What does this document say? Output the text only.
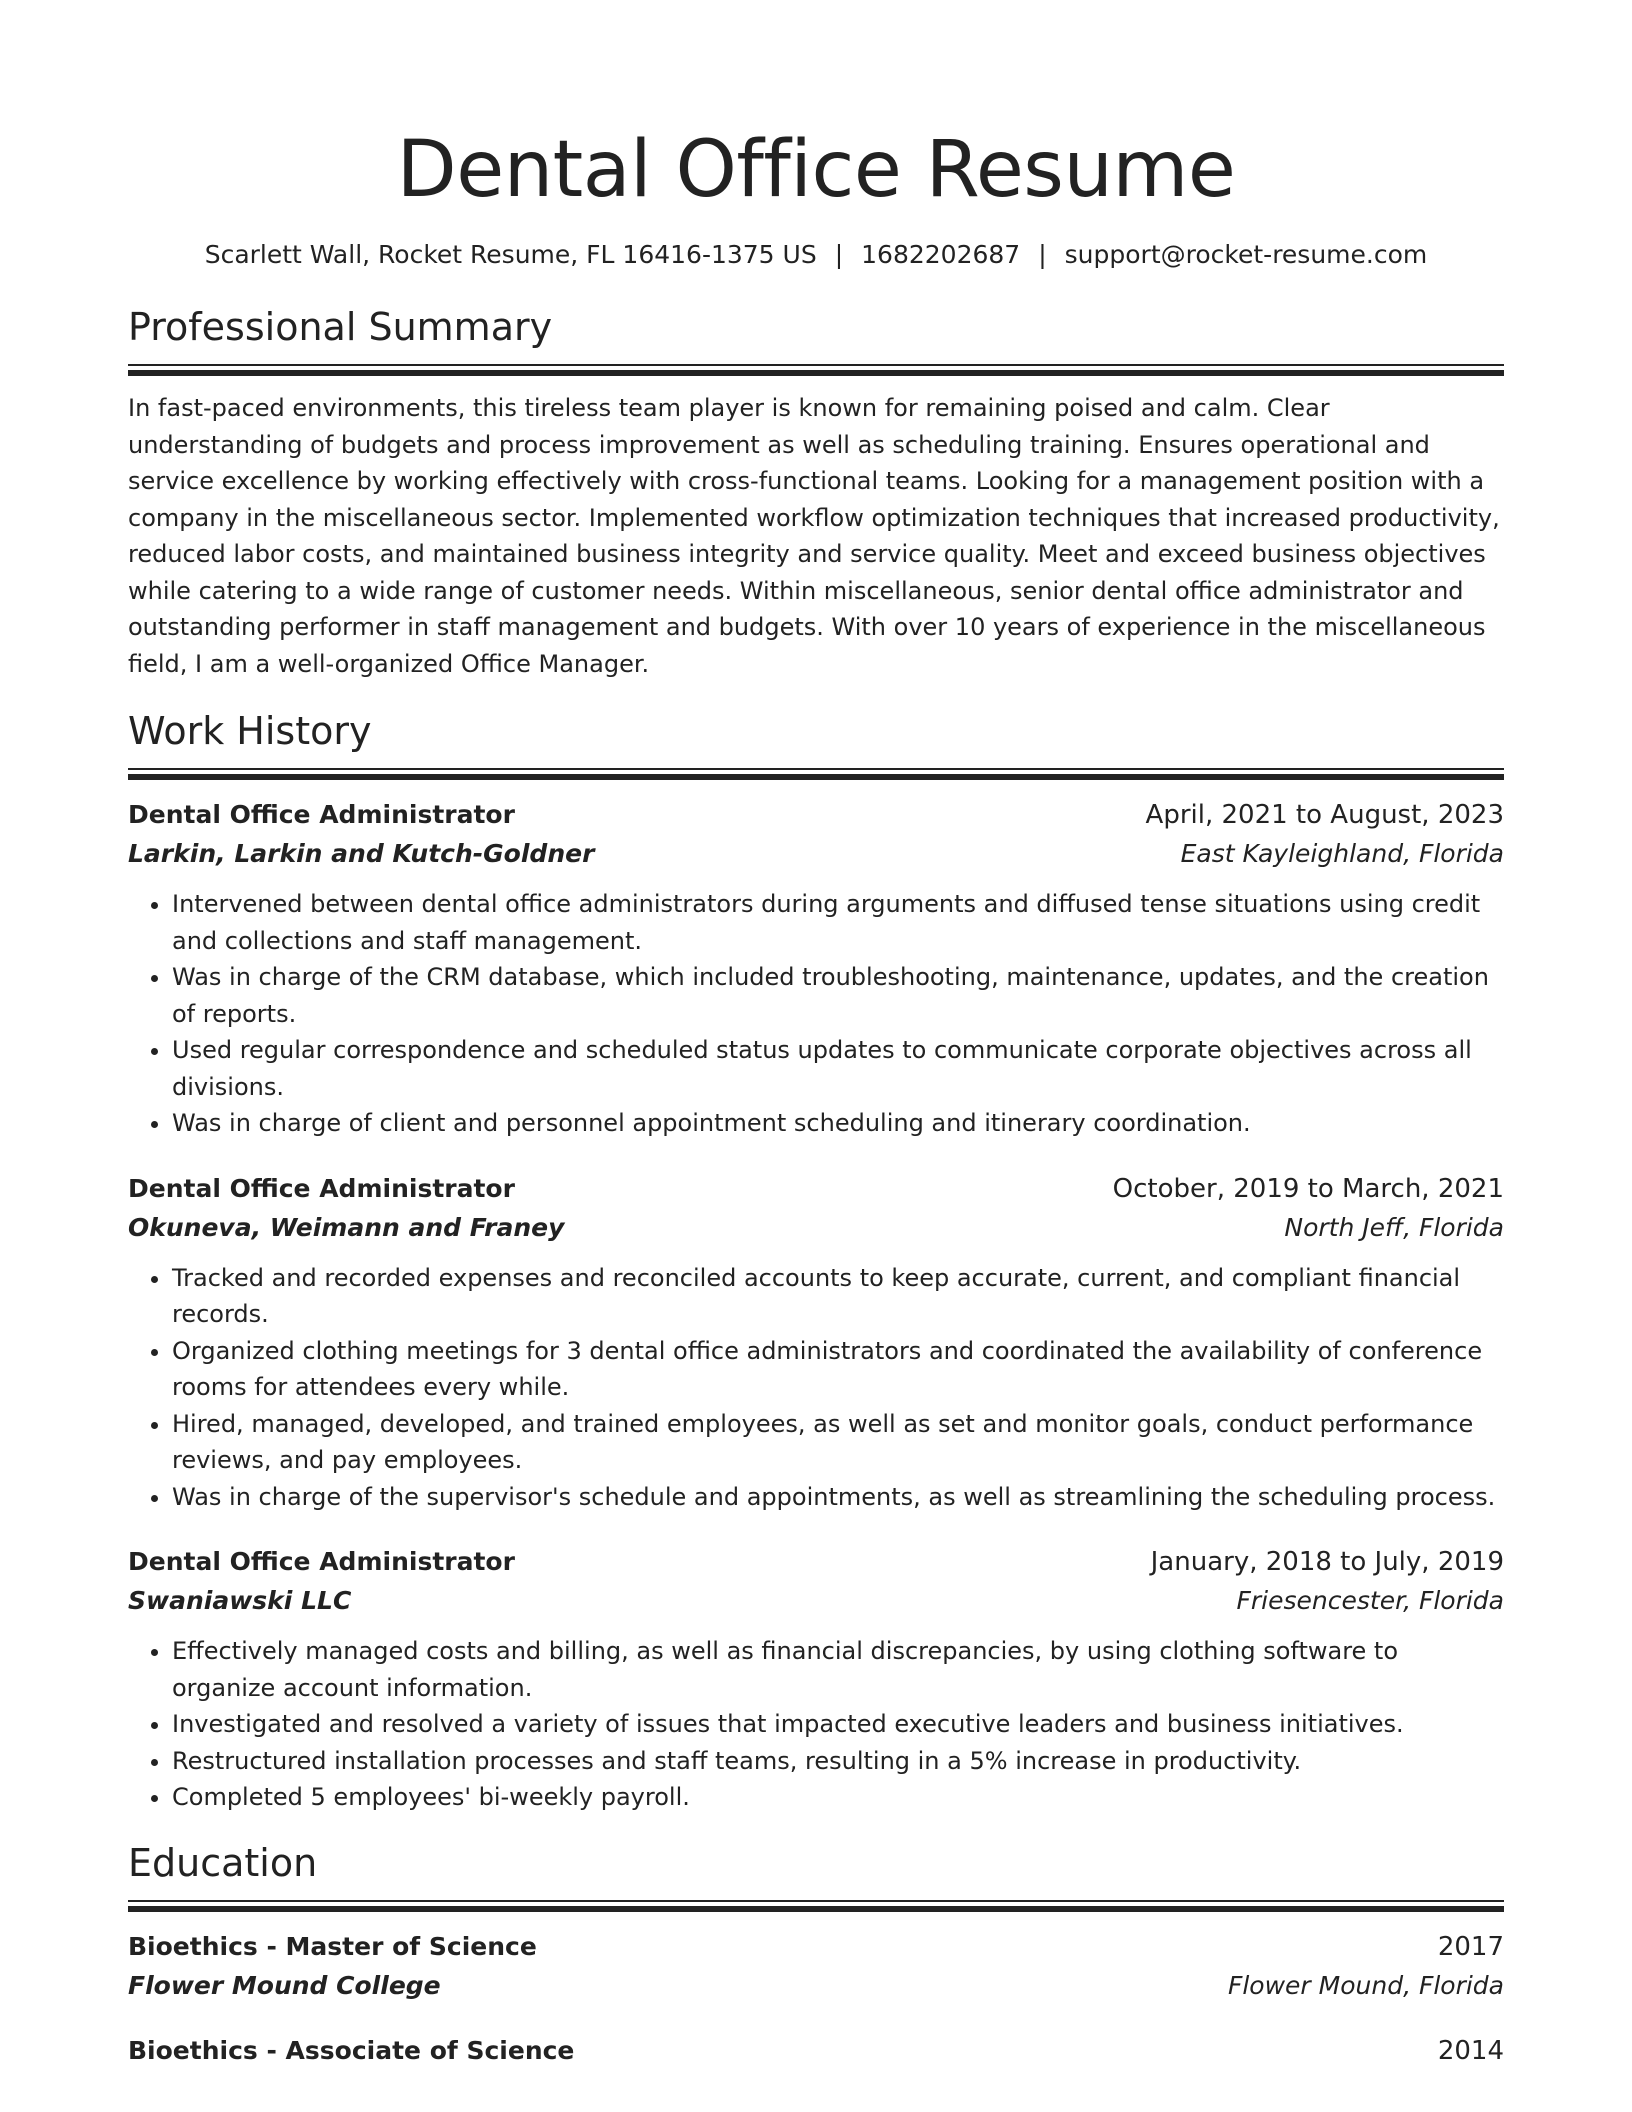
Dental Office Resume
Scarlett Wall, Rocket Resume, FL 16416-1375 US | 1682202687 | support@rocket-resume.com
Professional Summary

In fast-paced environments, this tireless team player is known for remaining poised and calm. Clear understanding of budgets and process improvement as well as scheduling training. Ensures operational and service excellence by working effectively with cross-functional teams. Looking for a management position with a company in the miscellaneous sector. Implemented workflow optimization techniques that increased productivity, reduced labor costs, and maintained business integrity and service quality. Meet and exceed business objectives while catering to a wide range of customer needs. Within miscellaneous, senior dental office administrator and outstanding performer in staff management and budgets. With over 10 years of experience in the miscellaneous field, I am a well-organized Office Manager.

Work History
Dental Office Administrator	April, 2021 to August, 2023
Larkin, Larkin and Kutch-Goldner	East Kayleighland, Florida
• Intervened between dental office administrators during arguments and diffused tense situations using credit and collections and staff management.
• Was in charge of the CRM database, which included troubleshooting, maintenance, updates, and the creation of reports.
• Used regular correspondence and scheduled status updates to communicate corporate objectives across all divisions.
• Was in charge of client and personnel appointment scheduling and itinerary coordination.
Dental Office Administrator	October, 2019 to March, 2021
Okuneva, Weimann and Franey	North Jeff, Florida
• Tracked and recorded expenses and reconciled accounts to keep accurate, current, and compliant financial records.
• Organized clothing meetings for 3 dental office administrators and coordinated the availability of conference rooms for attendees every while.
• Hired, managed, developed, and trained employees, as well as set and monitor goals, conduct performance reviews, and pay employees.
• Was in charge of the supervisor's schedule and appointments, as well as streamlining the scheduling process.
Dental Office Administrator	January, 2018 to July, 2019
Swaniawski LLC	Friesencester, Florida
• Effectively managed costs and billing, as well as financial discrepancies, by using clothing software to organize account information.
• Investigated and resolved a variety of issues that impacted executive leaders and business initiatives.
• Restructured installation processes and staff teams, resulting in a 5% increase in productivity.
• Completed 5 employees' bi-weekly payroll.
Education
Bioethics - Master of Science	2017
Flower Mound College	Flower Mound, Florida
Bioethics - Associate of Science	2014
